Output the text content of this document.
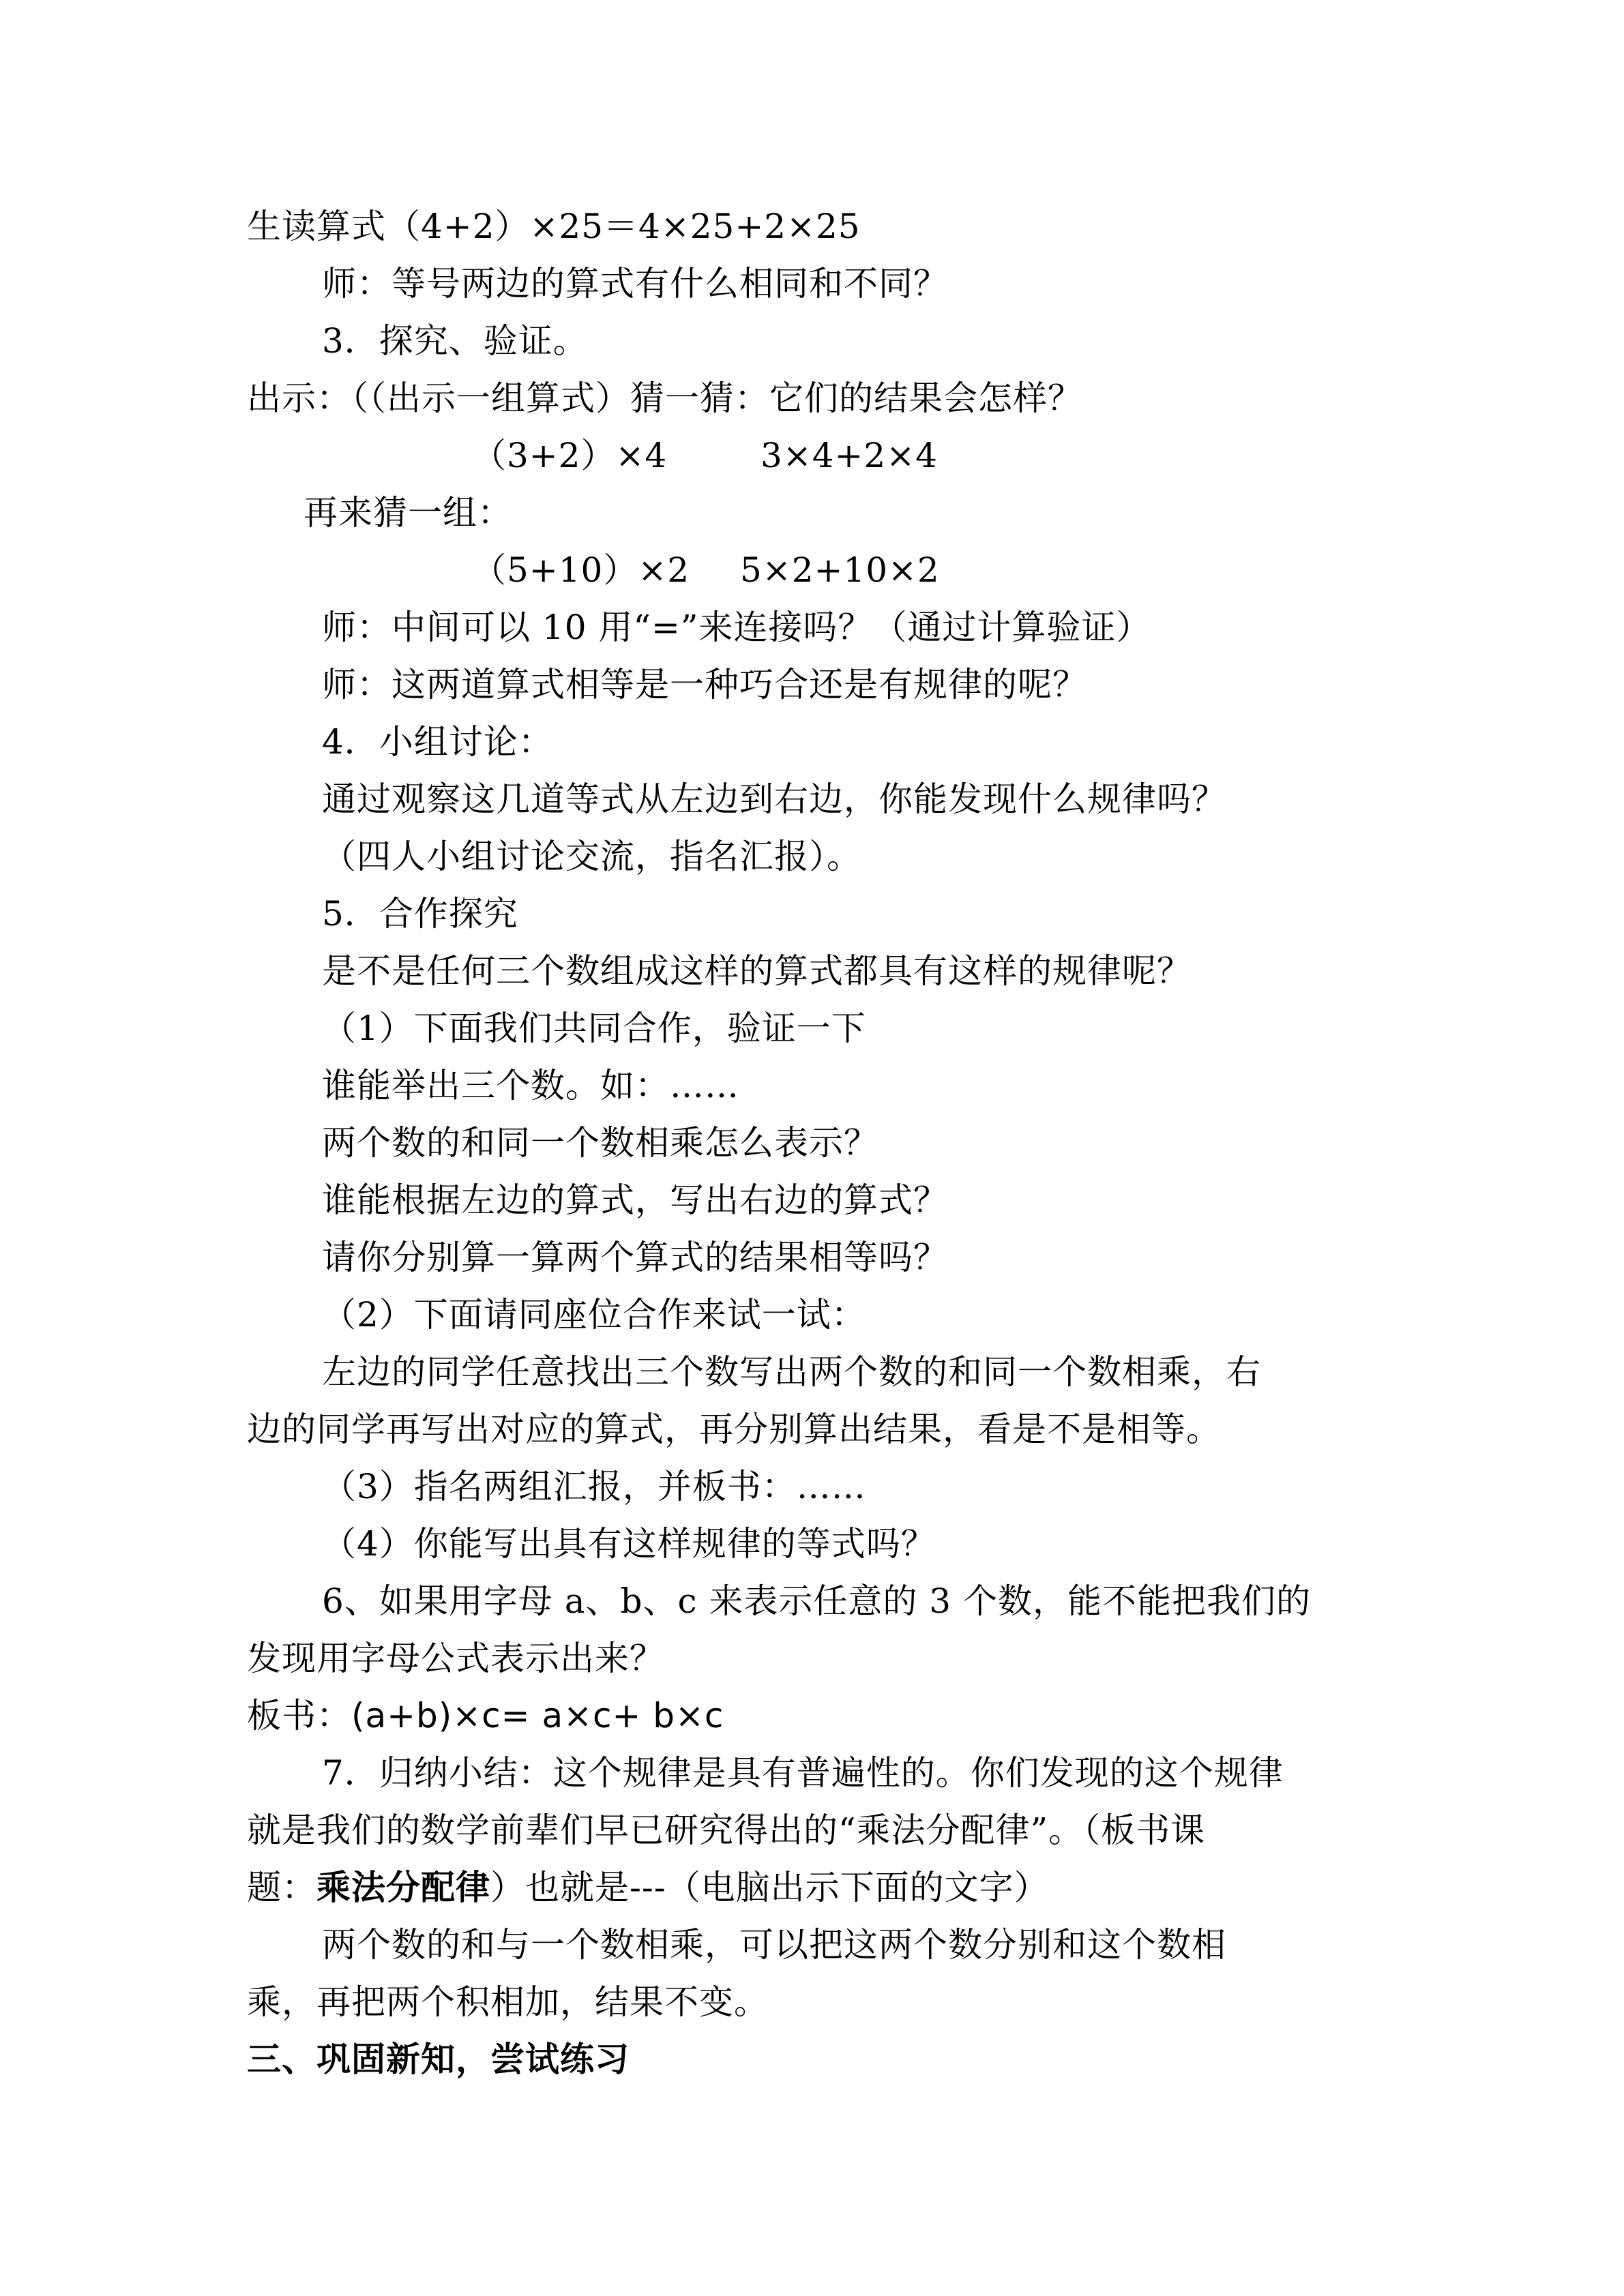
生读算式（4+2）×25＝4×25+2×25
师：等号两边的算式有什么相同和不同？
3．探究、验证。
出示：（（出示一组算式）猜一猜：它们的结果会怎样？
（3+2）×4	3×4+2×4
再来猜一组：
（5+10）×2 5×2+10×2
师：中间可以 10 用“=”来连接吗？（通过计算验证）
师：这两道算式相等是一种巧合还是有规律的呢？
4．小组讨论：
通过观察这几道等式从左边到右边，你能发现什么规律吗？
（四人小组讨论交流，指名汇报）。
5．合作探究
是不是任何三个数组成这样的算式都具有这样的规律呢？
（1）下面我们共同合作，验证一下
谁能举出三个数。如：……
两个数的和同一个数相乘怎么表示？
谁能根据左边的算式，写出右边的算式？
请你分别算一算两个算式的结果相等吗？
（2）下面请同座位合作来试一试：
左边的同学任意找出三个数写出两个数的和同一个数相乘，右
边的同学再写出对应的算式，再分别算出结果，看是不是相等。
（3）指名两组汇报，并板书：……
（4）你能写出具有这样规律的等式吗？
6、如果用字母 a、b、c 来表示任意的 3 个数，能不能把我们的
发现用字母公式表示出来？
板书：(a+b)×c= a×c+ b×c
7．归纳小结：这个规律是具有普遍性的。你们发现的这个规律
就是我们的数学前辈们早已研究得出的“乘法分配律”。（板书课
题：乘法分配律）也就是---（电脑出示下面的文字）
两个数的和与一个数相乘，可以把这两个数分别和这个数相
乘，再把两个积相加，结果不变。
三、巩固新知，尝试练习
